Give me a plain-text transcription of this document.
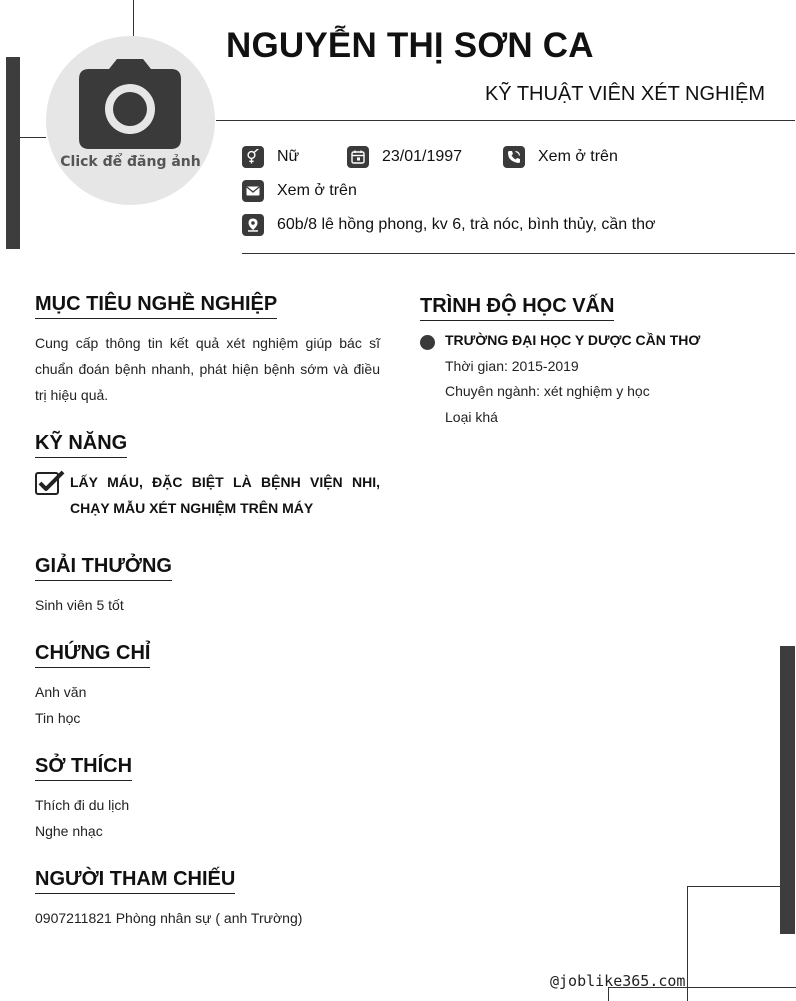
Click để đăng ảnh
NGUYỄN THỊ SƠN CA
KỸ THUẬT VIÊN XÉT NGHIỆM
Nữ	23/01/1997	Xem ở trên
Xem ở trên
60b/8 lê hồng phong, kv 6, trà nóc, bình thủy, cần thơ
MỤC TIÊU NGHỀ NGHIỆP
Cung cấp thông tin kết quả xét nghiệm giúp bác sĩ chuẩn đoán bệnh nhanh, phát hiện bệnh sớm và điều trị hiệu quả.
KỸ NĂNG
LẤY MÁU, ĐẶC BIỆT LÀ BỆNH VIỆN NHI, CHẠY MẪU XÉT NGHIỆM TRÊN MÁY
GIẢI THƯỞNG
Sinh viên 5 tốt
CHỨNG CHỈ
Anh văn
Tin học
SỞ THÍCH
Thích đi du lịch
Nghe nhạc
NGƯỜI THAM CHIẾU
0907211821 Phòng nhân sự ( anh Trường)
TRÌNH ĐỘ HỌC VẤN
TRƯỜNG ĐẠI HỌC Y DƯỢC CẦN THƠ
Thời gian: 2015-2019
Chuyên ngành: xét nghiệm y học
Loại khá
@joblike365.com
